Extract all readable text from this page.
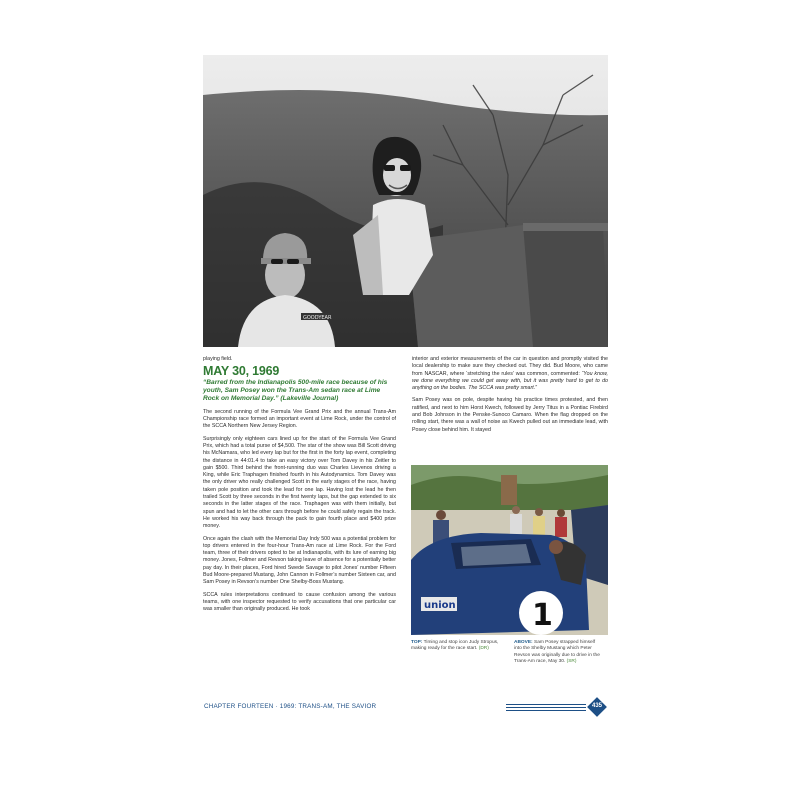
GOODYEAR

playing field.

MAY 30, 1969

“Barred from the Indianapolis 500-mile race because of his youth, Sam Posey won the Trans-Am sedan race at Lime Rock on Memorial Day.” (Lakeville Journal)

The second running of the Formula Vee Grand Prix and the annual Trans-Am Championship race formed an important event at Lime Rock, under the control of the SCCA Northern New Jersey Region.

Surprisingly only eighteen cars lined up for the start of the Formula Vee Grand Prix, which had a total purse of $4,500. The star of the show was Bill Scott driving his McNamara, who led every lap but for the first in the forty lap event, completing the distance in 44:01.4 to take an easy victory over Tom Davey in his Zeitler to gain $500. Third behind the front-running duo was Charles Lievenos driving a King, while Eric Traphagen finished fourth in his Autodynamics. Tom Davey was the only driver who really challenged Scott in the early stages of the race, having taken pole position and took the lead for one lap. Having lost the lead he then trailed Scott by three seconds in the first twenty laps, but the gap extended to six seconds in the latter stages of the race. Traphagen was with them initially, but spun and had to let the other cars through before he could safely regain the track. He worked his way back through the pack to gain fourth place and $400 prize money.

Once again the clash with the Memorial Day Indy 500 was a potential problem for top drivers entered in the four-hour Trans-Am race at Lime Rock. For the Ford team, three of their drivers opted to be at Indianapolis, with its lure of earning big money. Jones, Follmer and Revson taking leave of absence for a potentially better pay day. In their places, Ford hired Swede Savage to pilot Jones’ number Fifteen Bud Moore-prepared Mustang, John Cannon in Follmer’s number Sixteen car, and Sam Posey in Revson’s number One Shelby-Boss Mustang.

SCCA rules interpretations continued to cause confusion among the various teams, with one inspector requested to verify accusations that one particular car was smaller than originally produced. He took

interior and exterior measurements of the car in question and promptly visited the local dealership to make sure they checked out. They did. Bud Moore, who came from NASCAR, where ‘stretching the rules’ was common, commented: “You know, we done everything we could get away with, but it was pretty hard to get to do anything on the bodies. The SCCA was pretty smart.”

Sam Posey was on pole, despite having his practice times protested, and then ratified, and next to him Horst Kwech, followed by Jerry Titus in a Pontiac Firebird and Bob Johnson in the Penske-Sunoco Camaro. When the flag dropped on the rolling start, there was a wall of noise as Kwech pulled out an immediate lead, with Posey close behind him. It stayed

1
union
TOP: Timing and stop icon Judy Stropus, making ready for the race start. (DR)
ABOVE: Sam Posey strapped himself into the Shelby Mustang which Peter Revson was originally due to drive in the Trans-Am race, May 30. (SR)
CHAPTER FOURTEEN · 1969: TRANS-AM, THE SAVIOR	435
